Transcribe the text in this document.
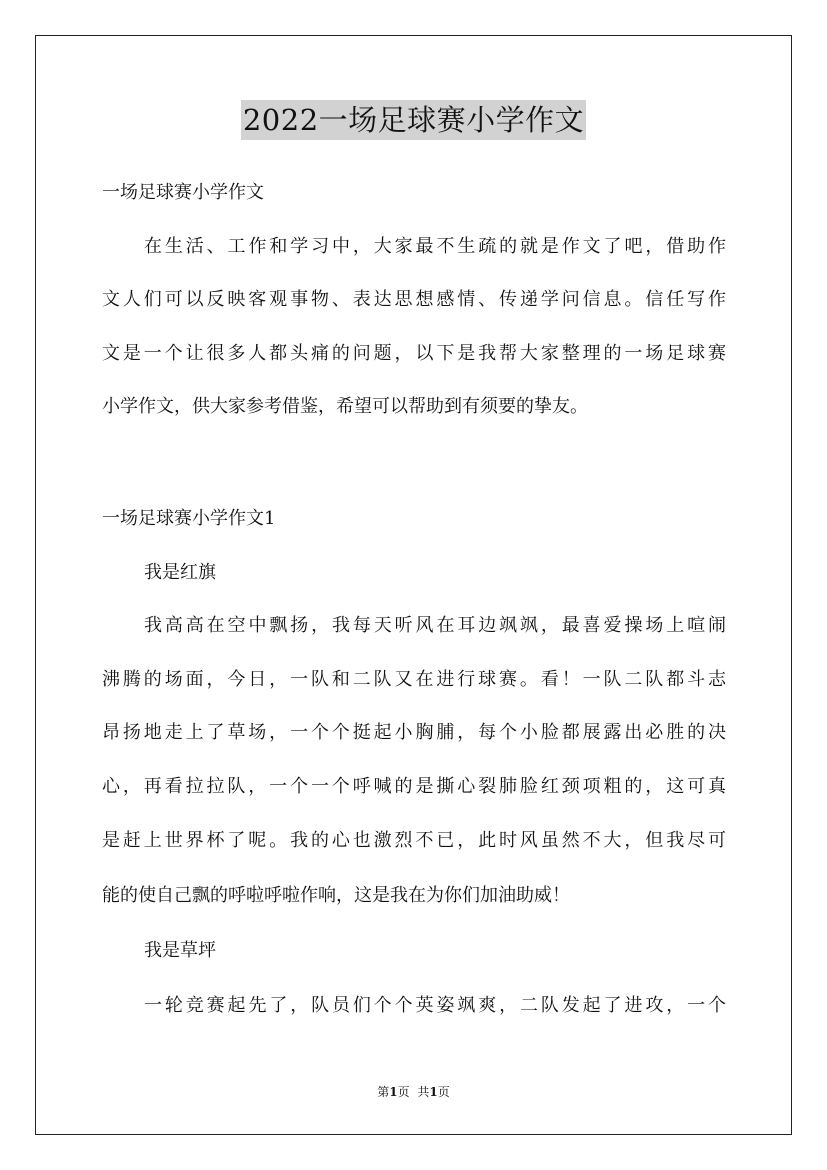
2022一场足球赛小学作文
一场足球赛小学作文
在生活、工作和学习中，大家最不生疏的就是作文了吧，借助作
文人们可以反映客观事物、表达思想感情、传递学问信息。信任写作
文是一个让很多人都头痛的问题，以下是我帮大家整理的一场足球赛
小学作文，供大家参考借鉴，希望可以帮助到有须要的挚友。
一场足球赛小学作文1
我是红旗
我高高在空中飘扬，我每天听风在耳边飒飒，最喜爱操场上喧闹
沸腾的场面，今日，一队和二队又在进行球赛。看！一队二队都斗志
昂扬地走上了草场，一个个挺起小胸脯，每个小脸都展露出必胜的决
心，再看拉拉队，一个一个呼喊的是撕心裂肺脸红颈项粗的，这可真
是赶上世界杯了呢。我的心也激烈不已，此时风虽然不大，但我尽可
能的使自己飘的呼啦呼啦作响，这是我在为你们加油助威！
我是草坪
一轮竞赛起先了，队员们个个英姿飒爽，二队发起了进攻，一个
第1页 共1页
